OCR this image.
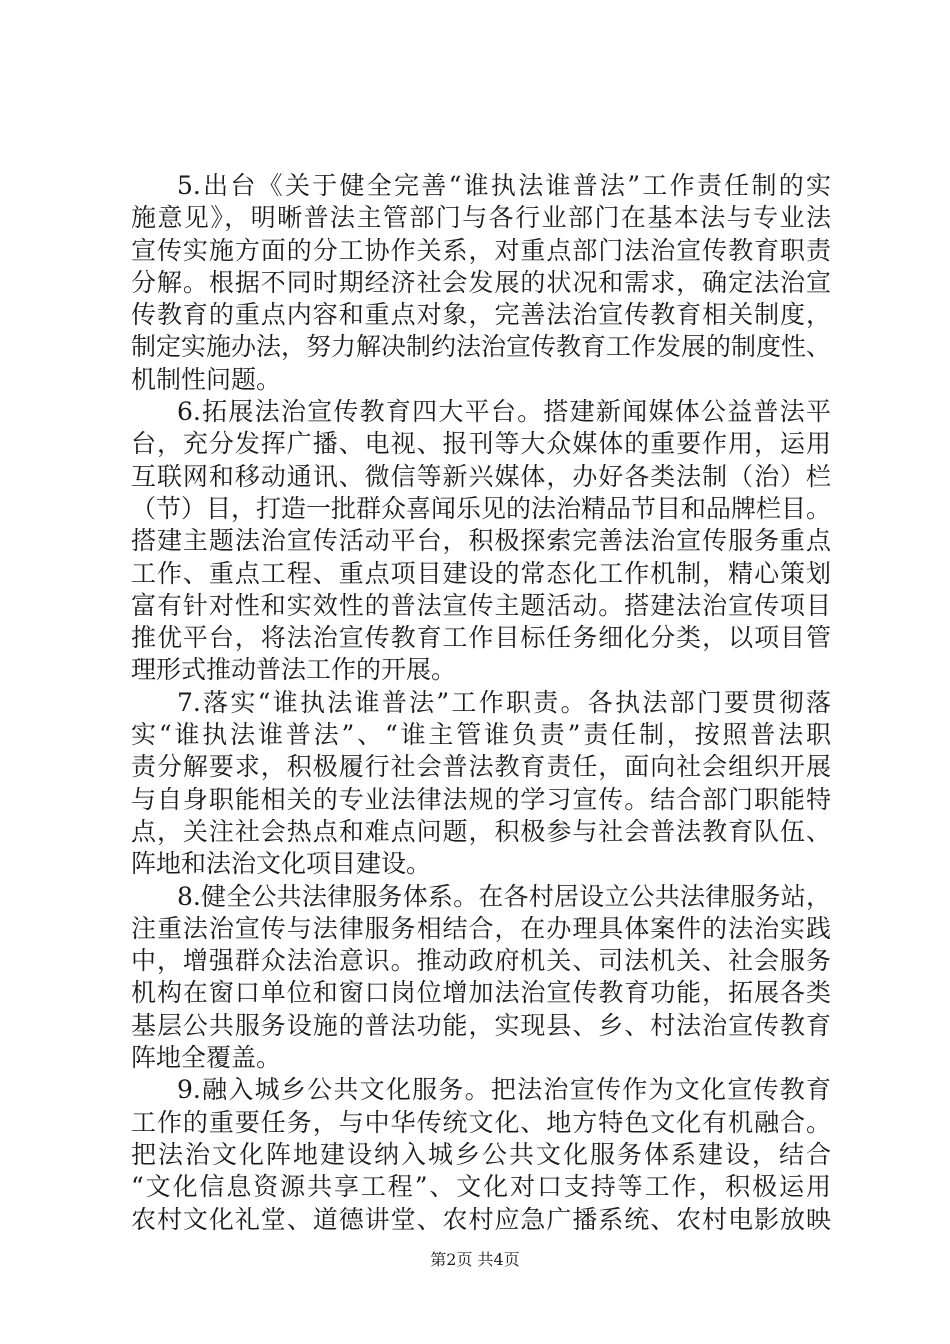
5.出台《关于健全完善“谁执法谁普法”工作责任制的实
施意见》，明晰普法主管部门与各行业部门在基本法与专业法
宣传实施方面的分工协作关系，对重点部门法治宣传教育职责
分解。根据不同时期经济社会发展的状况和需求，确定法治宣
传教育的重点内容和重点对象，完善法治宣传教育相关制度，
制定实施办法，努力解决制约法治宣传教育工作发展的制度性、
机制性问题。
6.拓展法治宣传教育四大平台。搭建新闻媒体公益普法平
台，充分发挥广播、电视、报刊等大众媒体的重要作用，运用
互联网和移动通讯、微信等新兴媒体，办好各类法制（治）栏
（节）目，打造一批群众喜闻乐见的法治精品节目和品牌栏目。
搭建主题法治宣传活动平台，积极探索完善法治宣传服务重点
工作、重点工程、重点项目建设的常态化工作机制，精心策划
富有针对性和实效性的普法宣传主题活动。搭建法治宣传项目
推优平台，将法治宣传教育工作目标任务细化分类，以项目管
理形式推动普法工作的开展。
7.落实“谁执法谁普法”工作职责。各执法部门要贯彻落
实“谁执法谁普法”、“谁主管谁负责”责任制，按照普法职
责分解要求，积极履行社会普法教育责任，面向社会组织开展
与自身职能相关的专业法律法规的学习宣传。结合部门职能特
点，关注社会热点和难点问题，积极参与社会普法教育队伍、
阵地和法治文化项目建设。
8.健全公共法律服务体系。在各村居设立公共法律服务站，
注重法治宣传与法律服务相结合，在办理具体案件的法治实践
中，增强群众法治意识。推动政府机关、司法机关、社会服务
机构在窗口单位和窗口岗位增加法治宣传教育功能，拓展各类
基层公共服务设施的普法功能，实现县、乡、村法治宣传教育
阵地全覆盖。
9.融入城乡公共文化服务。把法治宣传作为文化宣传教育
工作的重要任务，与中华传统文化、地方特色文化有机融合。
把法治文化阵地建设纳入城乡公共文化服务体系建设，结合
“文化信息资源共享工程”、文化对口支持等工作，积极运用
农村文化礼堂、道德讲堂、农村应急广播系统、农村电影放映
第2页 共4页
